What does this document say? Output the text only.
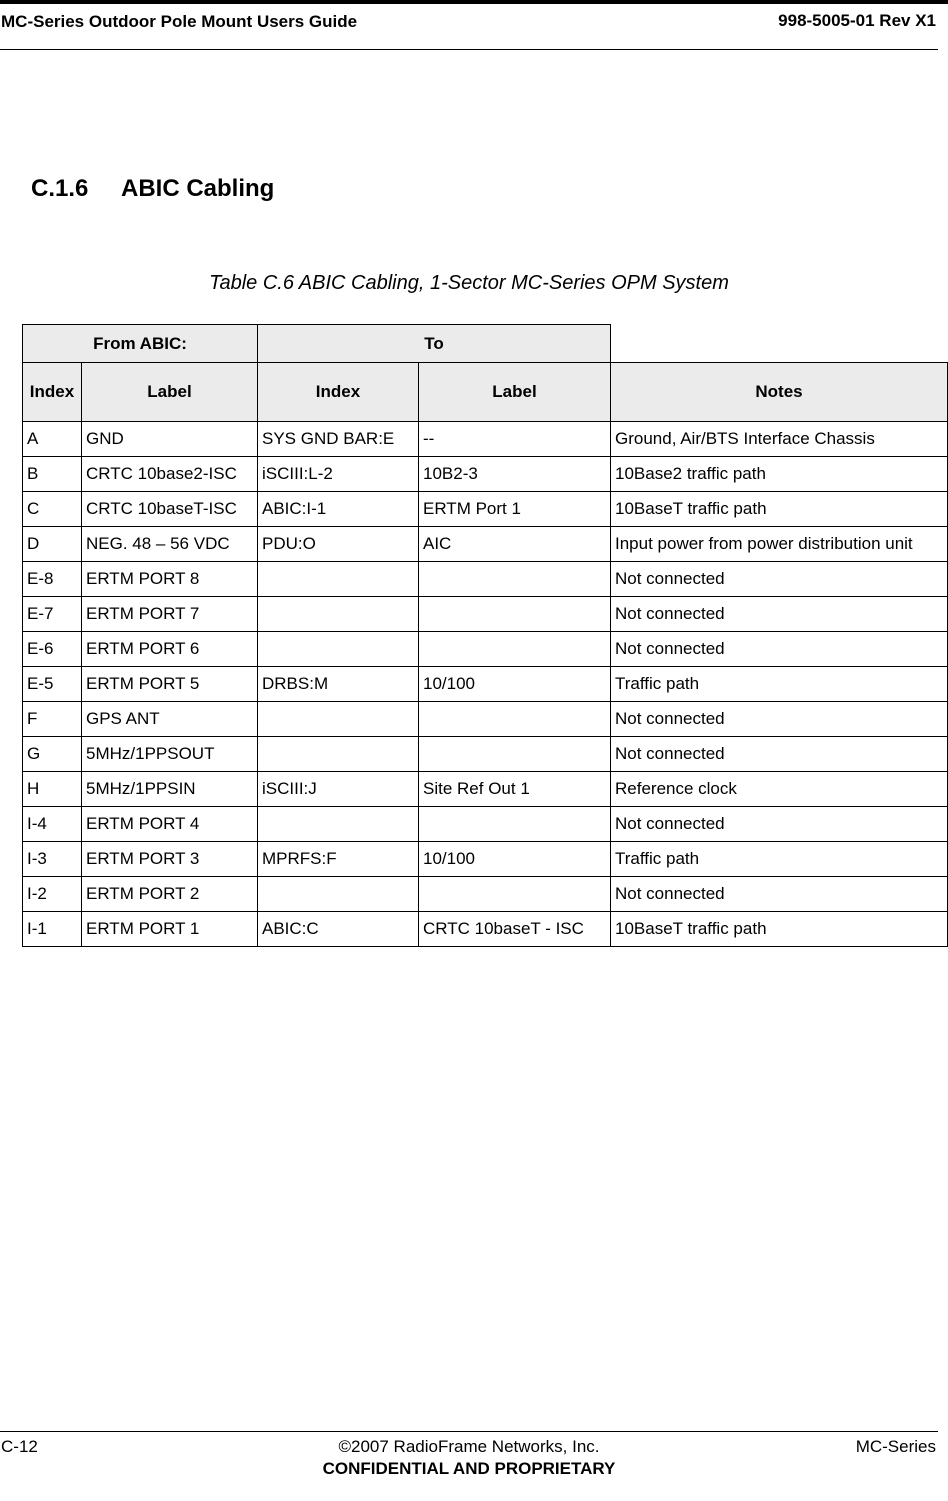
MC-Series Outdoor Pole Mount Users Guide	998-5005-01 Rev X1
C.1.6 ABIC Cabling
Table C.6 ABIC Cabling, 1-Sector MC-Series OPM System
From ABIC:		To		
Index	Label	Index	Label	Notes
A	GND	SYS GND BAR:E	--	Ground, Air/BTS Interface Chassis
B	CRTC 10base2-ISC	iSCIII:L-2	10B2-3	10Base2 traffic path
C	CRTC 10baseT-ISC	ABIC:I-1	ERTM Port 1	10BaseT traffic path
D	NEG. 48 – 56 VDC	PDU:O	AIC	Input power from power distribution unit
E-8	ERTM PORT 8			Not connected
E-7	ERTM PORT 7			Not connected
E-6	ERTM PORT 6			Not connected
E-5	ERTM PORT 5	DRBS:M	10/100	Traffic path
F	GPS ANT			Not connected
G	5MHz/1PPSOUT			Not connected
H	5MHz/1PPSIN	iSCIII:J	Site Ref Out 1	Reference clock
I-4	ERTM PORT 4			Not connected
I-3	ERTM PORT 3	MPRFS:F	10/100	Traffic path
I-2	ERTM PORT 2			Not connected
I-1	ERTM PORT 1	ABIC:C	CRTC 10baseT - ISC	10BaseT traffic path
C-12	©2007 RadioFrame Networks, Inc.	MC-Series
CONFIDENTIAL AND PROPRIETARY
